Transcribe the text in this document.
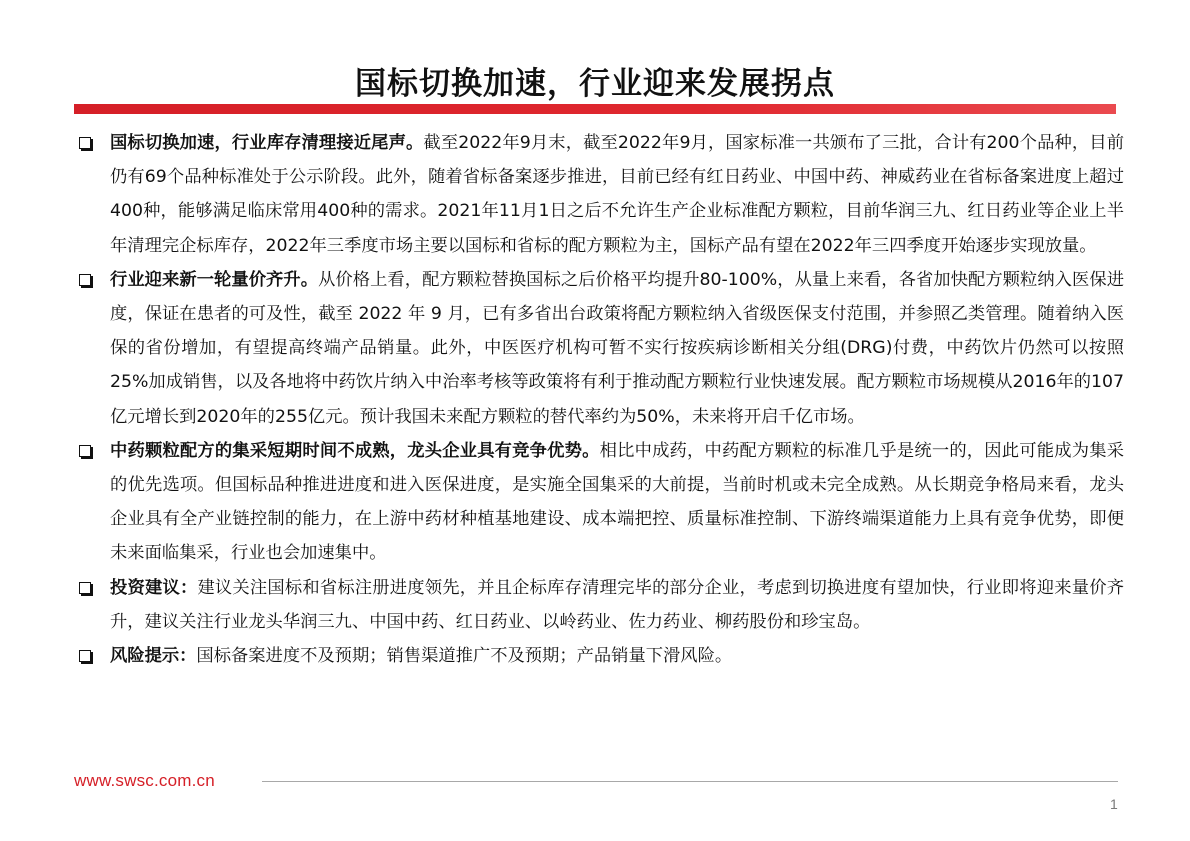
国标切换加速，行业迎来发展拐点

国标切换加速，行业库存清理接近尾声。截至2022年9月末，截至2022年9月，国家标准一共颁布了三批，合计有200个品种，目前仍有69个品种标准处于公示阶段。此外，随着省标备案逐步推进，目前已经有红日药业、中国中药、神威药业在省标备案进度上超过400种，能够满足临床常用400种的需求。2021年11月1日之后不允许生产企业标准配方颗粒，目前华润三九、红日药业等企业上半年清理完企标库存，2022年三季度市场主要以国标和省标的配方颗粒为主，国标产品有望在2022年三四季度开始逐步实现放量。

行业迎来新一轮量价齐升。从价格上看，配方颗粒替换国标之后价格平均提升80-100%，从量上来看，各省加快配方颗粒纳入医保进度，保证在患者的可及性，截至 2022 年 9 月，已有多省出台政策将配方颗粒纳入省级医保支付范围，并参照乙类管理。随着纳入医保的省份增加，有望提高终端产品销量。此外，中医医疗机构可暂不实行按疾病诊断相关分组(DRG)付费，中药饮片仍然可以按照25%加成销售，以及各地将中药饮片纳入中治率考核等政策将有利于推动配方颗粒行业快速发展。配方颗粒市场规模从2016年的107亿元增长到2020年的255亿元。预计我国未来配方颗粒的替代率约为50%，未来将开启千亿市场。

中药颗粒配方的集采短期时间不成熟，龙头企业具有竞争优势。相比中成药，中药配方颗粒的标准几乎是统一的，因此可能成为集采的优先选项。但国标品种推进进度和进入医保进度，是实施全国集采的大前提，当前时机或未完全成熟。从长期竞争格局来看，龙头企业具有全产业链控制的能力，在上游中药材种植基地建设、成本端把控、质量标准控制、下游终端渠道能力上具有竞争优势，即便未来面临集采，行业也会加速集中。

投资建议：建议关注国标和省标注册进度领先，并且企标库存清理完毕的部分企业，考虑到切换进度有望加快，行业即将迎来量价齐升，建议关注行业龙头华润三九、中国中药、红日药业、以岭药业、佐力药业、柳药股份和珍宝岛。

风险提示：国标备案进度不及预期；销售渠道推广不及预期；产品销量下滑风险。

www.swsc.com.cn
1
